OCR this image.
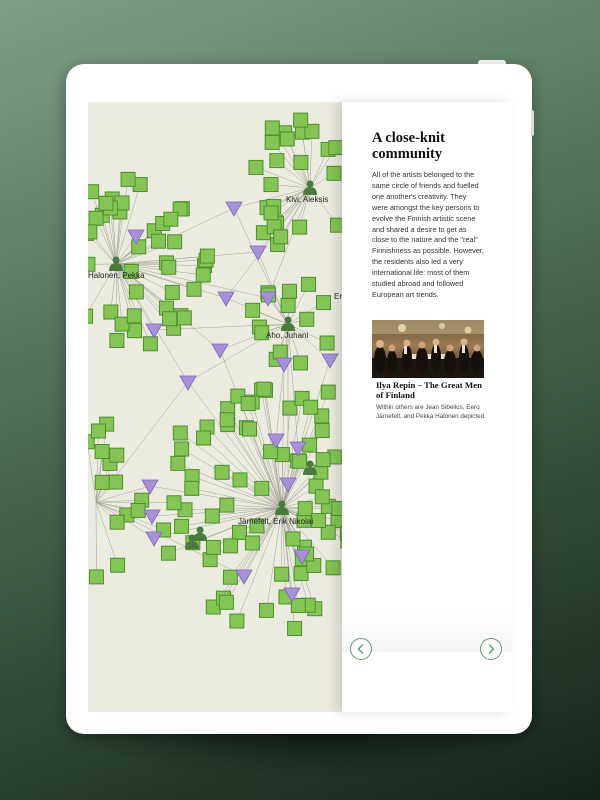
Kivi, Aleksis
Halonen, Pekka
Er
Aho, Juhani
Järnefelt, Erik Nikolai
A close-knit community
All of the artists belonged to the same circle of friends and fuelled one another's creativity. They were amongst the key persons to evolve the Finnish artistic scene and shared a desire to get as close to the nature and the "real" Finnishness as possible. However, the residents also led a very international life: most of them studied abroad and followed European art trends.
Ilya Repin – The Great Men of Finland
Within others are Jean Sibelius, Eero Järnefelt, and Pekka Halonen depicted.
